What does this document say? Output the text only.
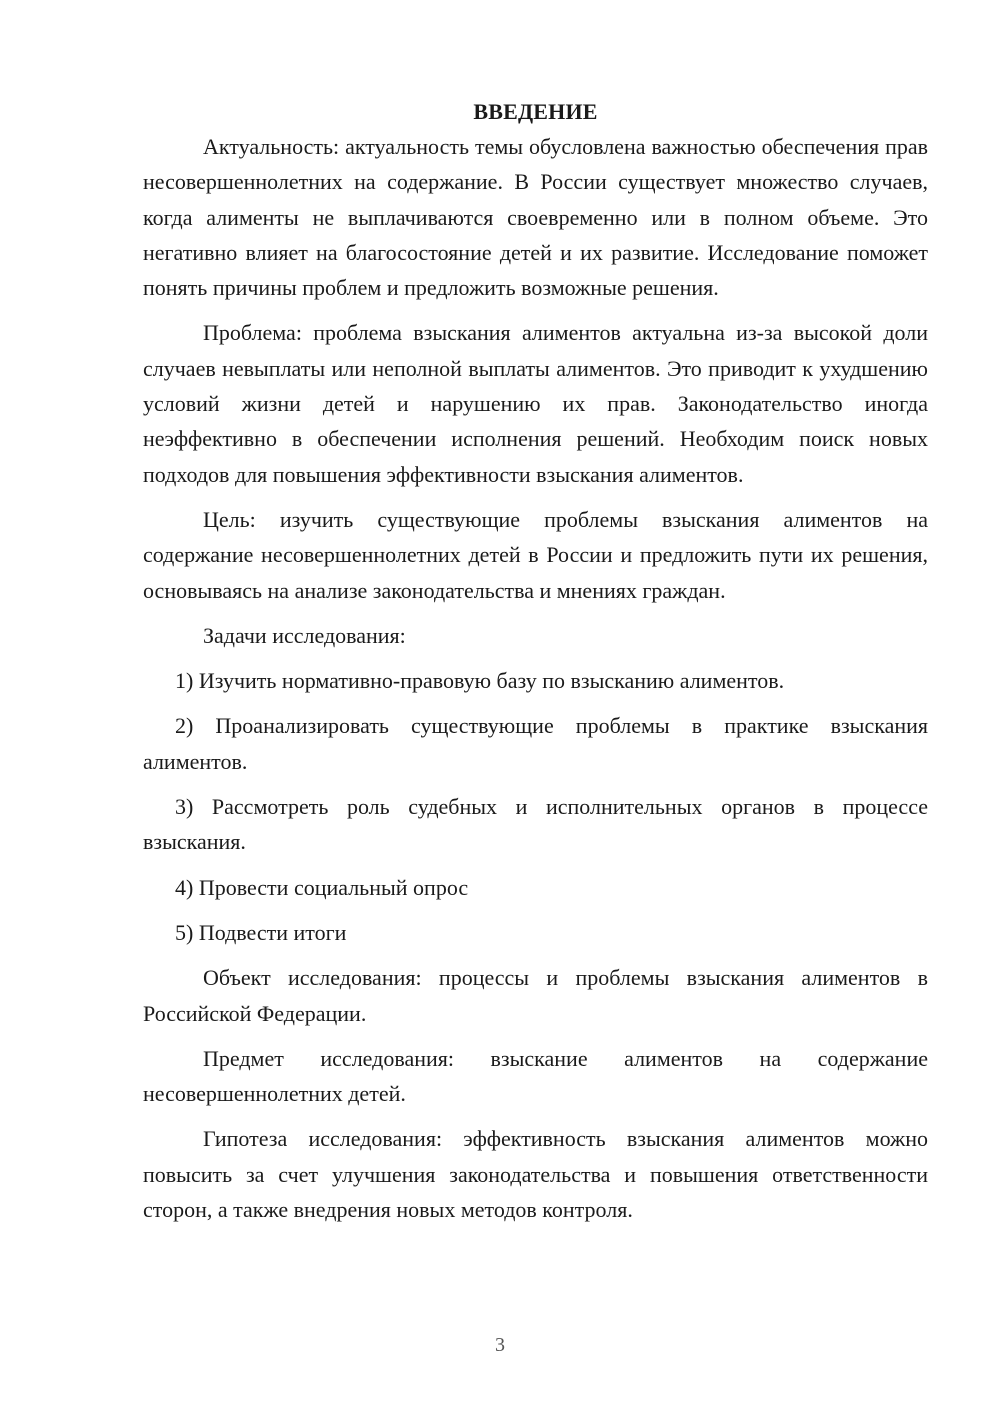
ВВЕДЕНИЕ

Актуальность: актуальность темы обусловлена важностью обеспечения прав несовершеннолетних на содержание. В России существует множество случаев, когда алименты не выплачиваются своевременно или в полном объеме. Это негативно влияет на благосостояние детей и их развитие. Исследование поможет понять причины проблем и предложить возможные решения.

Проблема: проблема взыскания алиментов актуальна из-за высокой доли случаев невыплаты или неполной выплаты алиментов. Это приводит к ухудшению условий жизни детей и нарушению их прав. Законодательство иногда неэффективно в обеспечении исполнения решений. Необходим поиск новых подходов для повышения эффективности взыскания алиментов.

Цель: изучить существующие проблемы взыскания алиментов на содержание несовершеннолетних детей в России и предложить пути их решения, основываясь на анализе законодательства и мнениях граждан.

Задачи исследования:

1) Изучить нормативно-правовую базу по взысканию алиментов.

2) Проанализировать существующие проблемы в практике взыскания алиментов.

3) Рассмотреть роль судебных и исполнительных органов в процессе взыскания.

4) Провести социальный опрос

5) Подвести итоги

Объект исследования: процессы и проблемы взыскания алиментов в Российской Федерации.

Предмет исследования: взыскание алиментов на содержание несовершеннолетних детей.

Гипотеза исследования: эффективность взыскания алиментов можно повысить за счет улучшения законодательства и повышения ответственности сторон, а также внедрения новых методов контроля.

3
